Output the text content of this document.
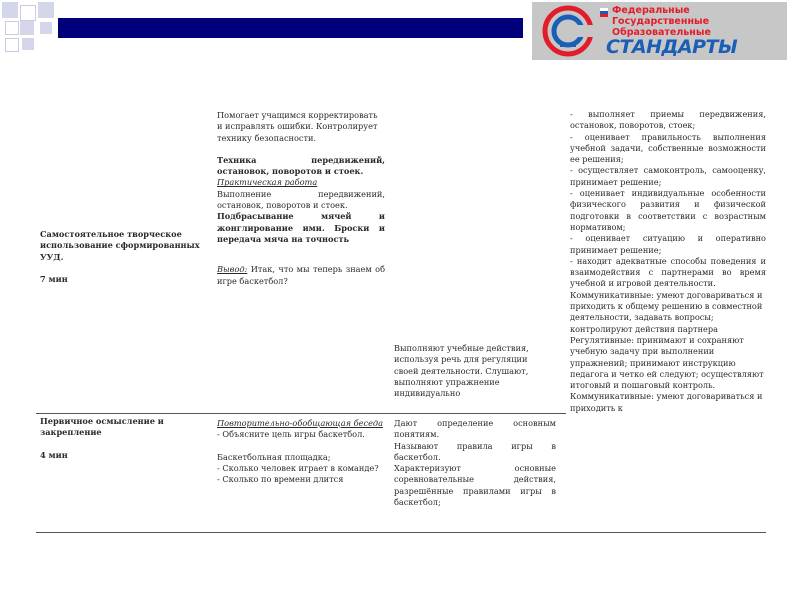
Федеральные
Государственные
Образовательные
СТАНДАРТЫ

Самостоятельное творческое использование сформированных УУД.

7 мин

Помогает учащимся корректировать и исправлять ошибки. Контролирует технику безопасности.

Техника передвижений, остановок, поворотов и стоек.

Практическая работа

Выполнение передвижений, остановок, поворотов и стоек.

Подбрасывание мячей и жонглирование ими. Броски и передача мяча на точность

Вывод: Итак, что мы теперь знаем об игре баскетбол?

Выполняют учебные действия, используя речь для регуляции своей деятельности. Слушают, выполняют упражнение индивидуально

Первичное осмысление и закрепление

4 мин

Повторительно-обобщающая беседа

- Объясните цель игры баскетбол.

Баскетбольная площадка;

- Сколько человек играет в команде?

- Сколько по времени длится

Дают определение основным понятиям.

Называют правила игры в баскетбол.

Характеризуют основные соревновательные действия, разрешённые правилами игры в баскетбол;

- выполняет приемы передвижения, остановок, поворотов, стоек;

- оценивает правильность выполнения учебной задачи, собственные возможности ее решения;

- осуществляет самоконтроль, самооценку, принимает решение;

- оценивает индивидуальные особенности физического развития и физической подготовки в соответствии с возрастным нормативом;

- оценивает ситуацию и оперативно принимает решение;

- находит адекватные способы поведения и взаимодействия с партнерами во время учебной и игровой деятельности.

Коммуникативные: умеют договариваться и приходить к общему решению в совместной деятельности, задавать вопросы; контролируют действия партнера

Регулятивные: принимают и сохраняют учебную задачу при выполнении упражнений; принимают инструкцию педагога и четко ей следуют; осуществляют итоговый и пошаговый контроль.

Коммуникативные: умеют договариваться и приходить к
